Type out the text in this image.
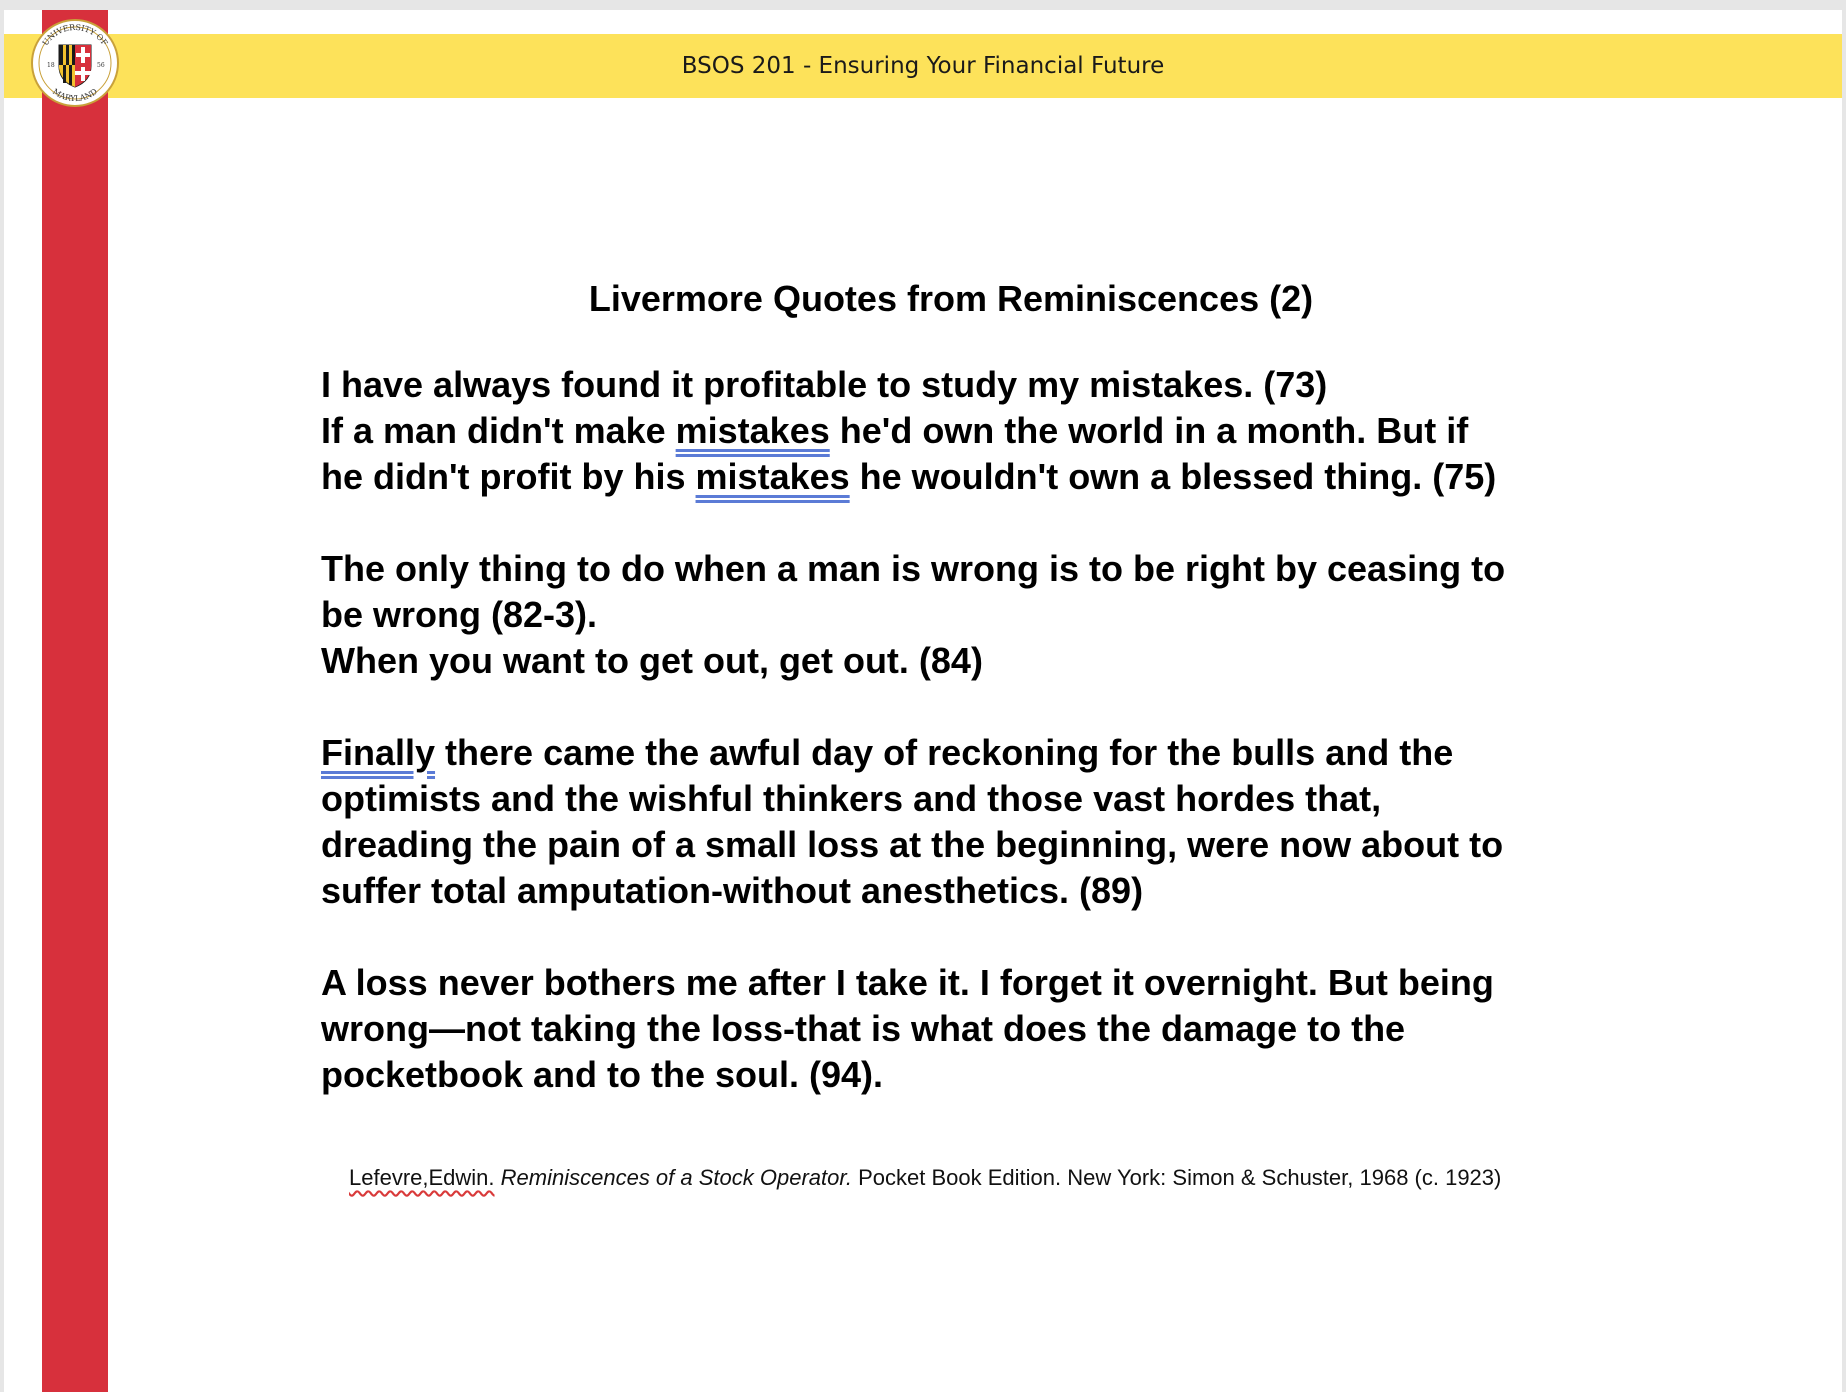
BSOS 201 - Ensuring Your Financial Future
UNIVERSITY OF
MARYLAND
18	56
Livermore Quotes from Reminiscences (2)
I have always found it profitable to study my mistakes. (73)
If a man didn't make mistakes he'd own the world in a month. But if
he didn't profit by his mistakes he wouldn't own a blessed thing. (75)
The only thing to do when a man is wrong is to be right by ceasing to
be wrong (82-3).
When you want to get out, get out. (84)
Finally there came the awful day of reckoning for the bulls and the
optimists and the wishful thinkers and those vast hordes that,
dreading the pain of a small loss at the beginning, were now about to
suffer total amputation-without anesthetics. (89)
A loss never bothers me after I take it. I forget it overnight. But being
wrong—not taking the loss-that is what does the damage to the
pocketbook and to the soul. (94).
Lefevre,Edwin. Reminiscences of a Stock Operator. Pocket Book Edition. New York: Simon & Schuster, 1968 (c. 1923)
